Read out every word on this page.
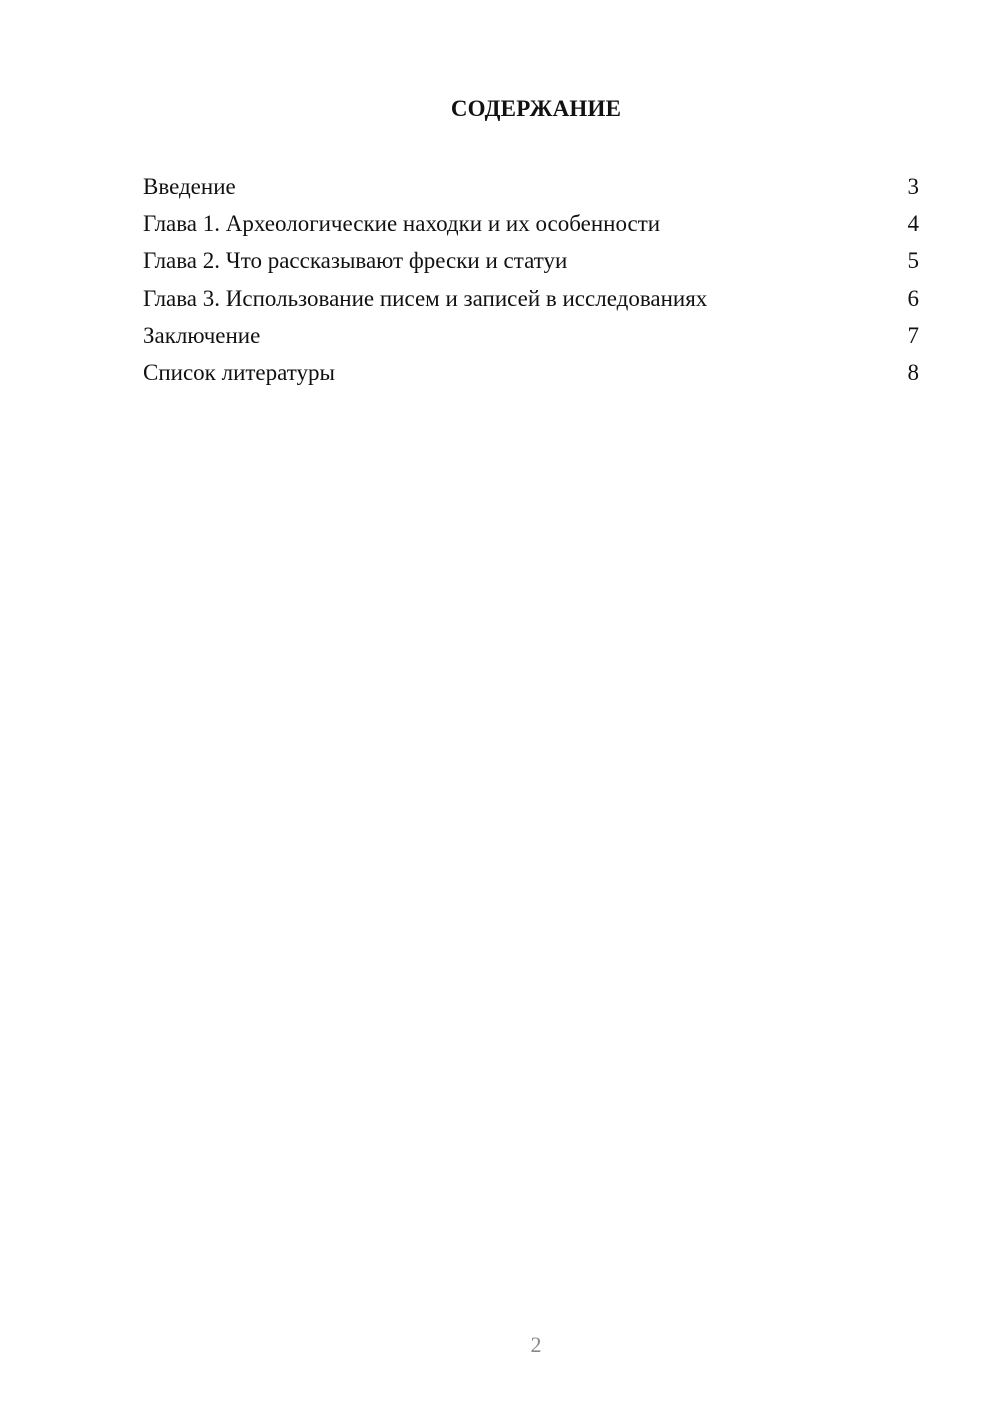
СОДЕРЖАНИЕ
Введение	3
Глава 1. Археологические находки и их особенности	4
Глава 2. Что рассказывают фрески и статуи	5
Глава 3. Использование писем и записей в исследованиях	6
Заключение	7
Список литературы	8
2
